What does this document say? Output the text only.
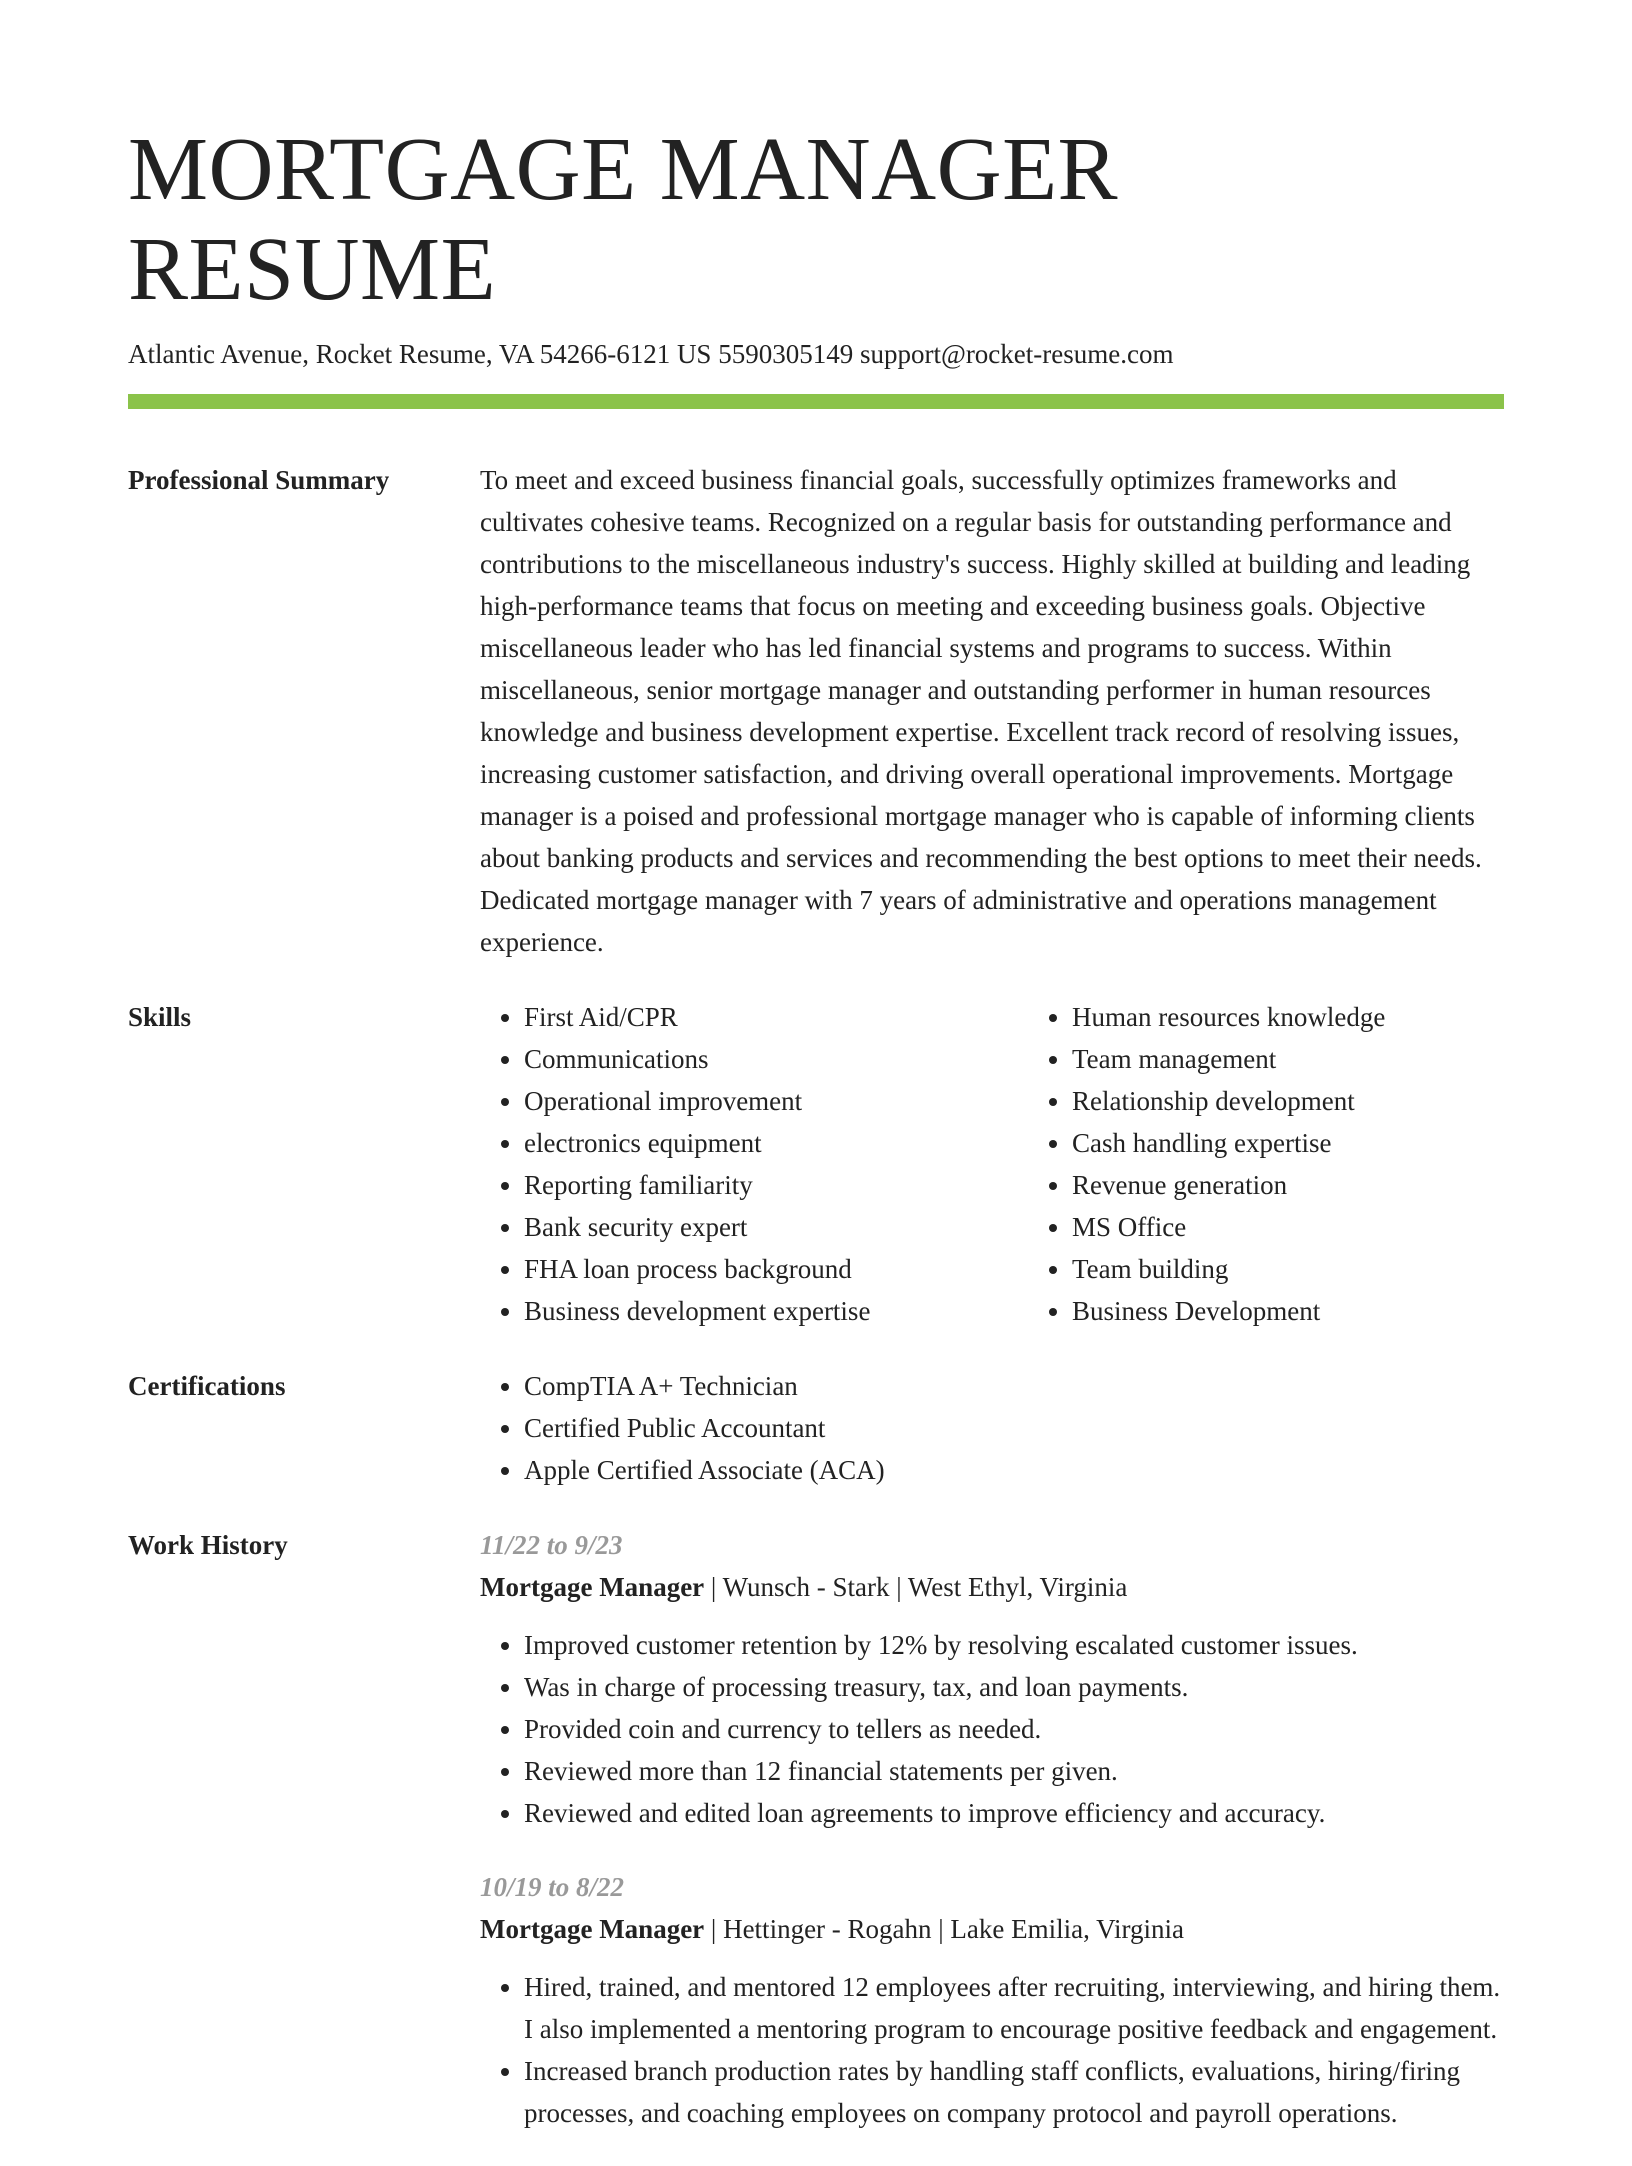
MORTGAGE MANAGER RESUME
Atlantic Avenue, Rocket Resume, VA 54266-6121 US 5590305149 support@rocket-resume.com
Professional Summary	To meet and exceed business financial goals, successfully optimizes frameworks and cultivates cohesive teams. Recognized on a regular basis for outstanding performance and contributions to the miscellaneous industry's success. Highly skilled at building and leading high-performance teams that focus on meeting and exceeding business goals. Objective miscellaneous leader who has led financial systems and programs to success. Within miscellaneous, senior mortgage manager and outstanding performer in human resources knowledge and business development expertise. Excellent track record of resolving issues, increasing customer satisfaction, and driving overall operational improvements. Mortgage manager is a poised and professional mortgage manager who is capable of informing clients about banking products and services and recommending the best options to meet their needs. Dedicated mortgage manager with 7 years of administrative and operations management experience.

Skills	• First Aid/CPR
• Communications
• Operational improvement
• electronics equipment
• Reporting familiarity
• Bank security expert
• FHA loan process background
• Business development expertise
• Human resources knowledge
• Team management
• Relationship development
• Cash handling expertise
• Revenue generation
• MS Office
• Team building
• Business Development
Certifications	• CompTIA A+ Technician
• Certified Public Accountant
• Apple Certified Associate (ACA)
Work History	11/22 to 9/23
Mortgage Manager | Wunsch - Stark | West Ethyl, Virginia
• Improved customer retention by 12% by resolving escalated customer issues.
• Was in charge of processing treasury, tax, and loan payments.
• Provided coin and currency to tellers as needed.
• Reviewed more than 12 financial statements per given.
• Reviewed and edited loan agreements to improve efficiency and accuracy.
10/19 to 8/22
Mortgage Manager | Hettinger - Rogahn | Lake Emilia, Virginia
• Hired, trained, and mentored 12 employees after recruiting, interviewing, and hiring them. I also implemented a mentoring program to encourage positive feedback and engagement.
• Increased branch production rates by handling staff conflicts, evaluations, hiring/firing processes, and coaching employees on company protocol and payroll operations.
